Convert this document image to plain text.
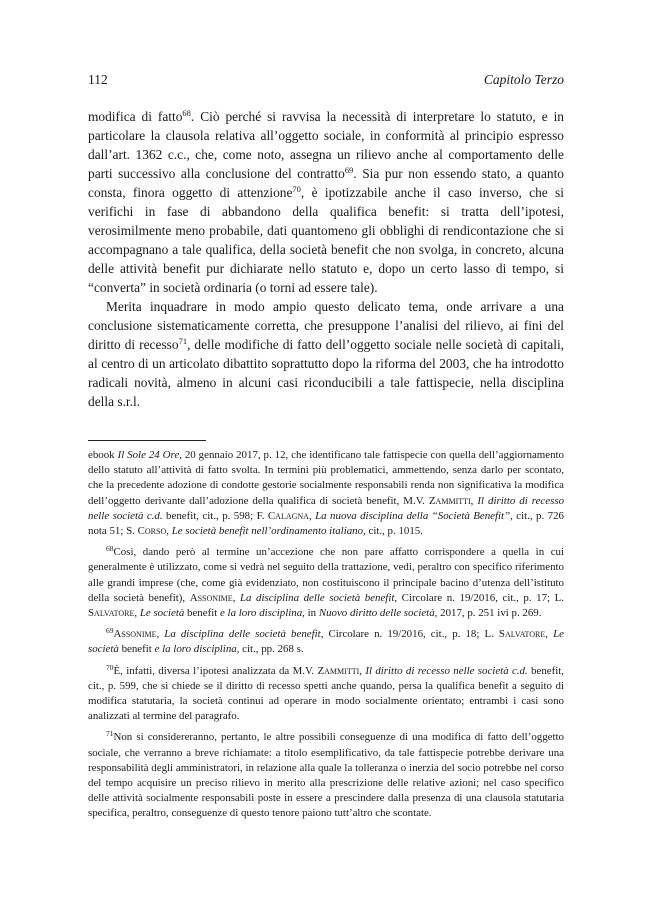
112	Capitolo Terzo

modifica di fatto$^{68}$. Ciò perché si ravvisa la necessità di interpretare lo statuto, e in particolare la clausola relativa all’oggetto sociale, in conformità al principio espresso dall’art. 1362 c.c., che, come noto, assegna un rilievo anche al comportamento delle parti successivo alla conclusione del contratto$^{69}$. Sia pur non essendo stato, a quanto consta, finora oggetto di attenzione$^{70}$, è ipotizzabile anche il caso inverso, che si verifichi in fase di abbandono della qualifica benefit: si tratta dell’ipotesi, verosimilmente meno probabile, dati quantomeno gli obblighi di rendicontazione che si accompagnano a tale qualifica, della società benefit che non svolga, in concreto, alcuna delle attività benefit pur dichiarate nello statuto e, dopo un certo lasso di tempo, si “converta” in società ordinaria (o torni ad essere tale).

Merita inquadrare in modo ampio questo delicato tema, onde arrivare a una conclusione sistematicamente corretta, che presuppone l’analisi del rilievo, ai fini del diritto di recesso$^{71}$, delle modifiche di fatto dell’oggetto sociale nelle società di capitali, al centro di un articolato dibattito soprattutto dopo la riforma del 2003, che ha introdotto radicali novità, almeno in alcuni casi riconducibili a tale fattispecie, nella disciplina della s.r.l.

ebook Il Sole 24 Ore, 20 gennaio 2017, p. 12, che identificano tale fattispecie con quella dell’aggiornamento dello statuto all’attività di fatto svolta. In termini più problematici, ammettendo, senza darlo per scontato, che la precedente adozione di condotte gestorie socialmente responsabili renda non significativa la modifica dell’oggetto derivante dall’adozione della qualifica di società benefit, M.V. Zammitti, Il diritto di recesso nelle società c.d. benefit, cit., p. 598; F. Calagna, La nuova disciplina della “Società Benefit”, cit., p. 726 nota 51; S. Corso, Le società benefit nell’ordinamento italiano, cit., p. 1015.

$^{68}$Così, dando però al termine un’accezione che non pare affatto corrispondere a quella in cui generalmente è utilizzato, come si vedrà nel seguito della trattazione, vedi, peraltro con specifico riferimento alle grandi imprese (che, come già evidenziato, non costituiscono il principale bacino d’utenza dell’istituto della società benefit), Assonime, La disciplina delle società benefit, Circolare n. 19/2016, cit., p. 17; L. Salvatore, Le società benefit e la loro disciplina, in Nuovo diritto delle società, 2017, p. 251 ivi p. 269.

$^{69}$Assonime, La disciplina delle società benefit, Circolare n. 19/2016, cit., p. 18; L. Salvatore, Le società benefit e la loro disciplina, cit., pp. 268 s.

$^{70}$È, infatti, diversa l’ipotesi analizzata da M.V. Zammitti, Il diritto di recesso nelle società c.d. benefit, cit., p. 599, che si chiede se il diritto di recesso spetti anche quando, persa la qualifica benefit a seguito di modifica statutaria, la società continui ad operare in modo socialmente orientato; entrambi i casi sono analizzati al termine del paragrafo.

$^{71}$Non si considereranno, pertanto, le altre possibili conseguenze di una modifica di fatto dell’oggetto sociale, che verranno a breve richiamate: a titolo esemplificativo, da tale fattispecie potrebbe derivare una responsabilità degli amministratori, in relazione alla quale la tolleranza o inerzia del socio potrebbe nel corso del tempo acquisire un preciso rilievo in merito alla prescrizione delle relative azioni; nel caso specifico delle attività socialmente responsabili poste in essere a prescindere dalla presenza di una clausola statutaria specifica, peraltro, conseguenze di questo tenore paiono tutt’altro che scontate.
